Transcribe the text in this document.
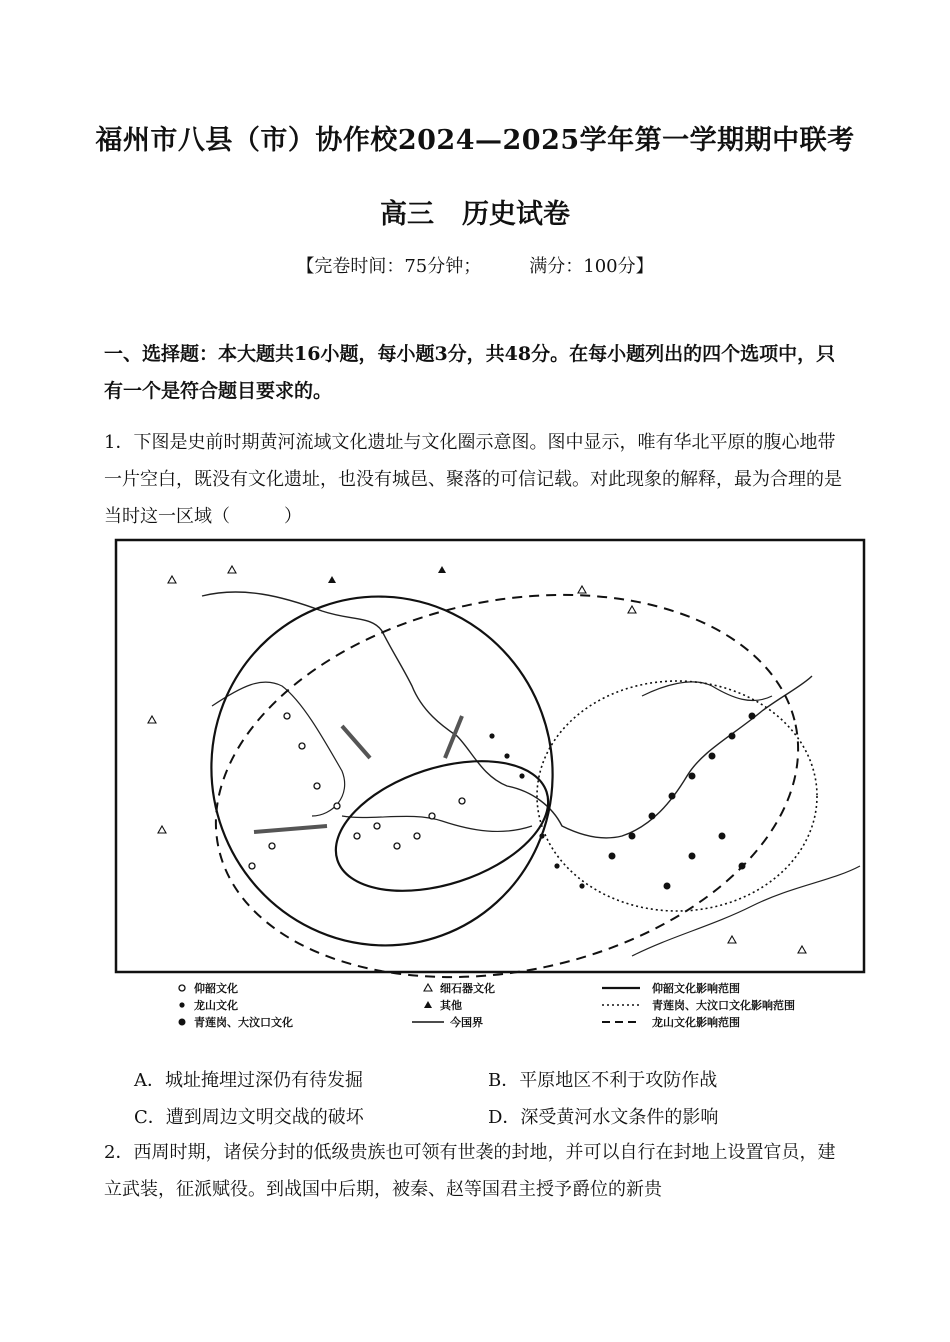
福州市八县（市）协作校2024—2025学年第一学期期中联考
高三 历史试卷
【完卷时间：75分钟；	满分：100分】
一、选择题：本大题共16小题，每小题3分，共48分。在每小题列出的四个选项中，只有一个是符合题目要求的。
1．下图是史前时期黄河流域文化遗址与文化圈示意图。图中显示，唯有华北平原的腹心地带一片空白，既没有文化遗址，也没有城邑、聚落的可信记载。对此现象的解释，最为合理的是当时这一区域（　　　）
仰韶文化
龙山文化
青莲岗、大汶口文化
细石器文化
其他
今国界
仰韶文化影响范围
青莲岗、大汶口文化影响范围
龙山文化影响范围
A．城址掩埋过深仍有待发掘	B．平原地区不利于攻防作战
C．遭到周边文明交战的破坏	D．深受黄河水文条件的影响
2．西周时期，诸侯分封的低级贵族也可领有世袭的封地，并可以自行在封地上设置官员，建立武装，征派赋役。到战国中后期，被秦、赵等国君主授予爵位的新贵
